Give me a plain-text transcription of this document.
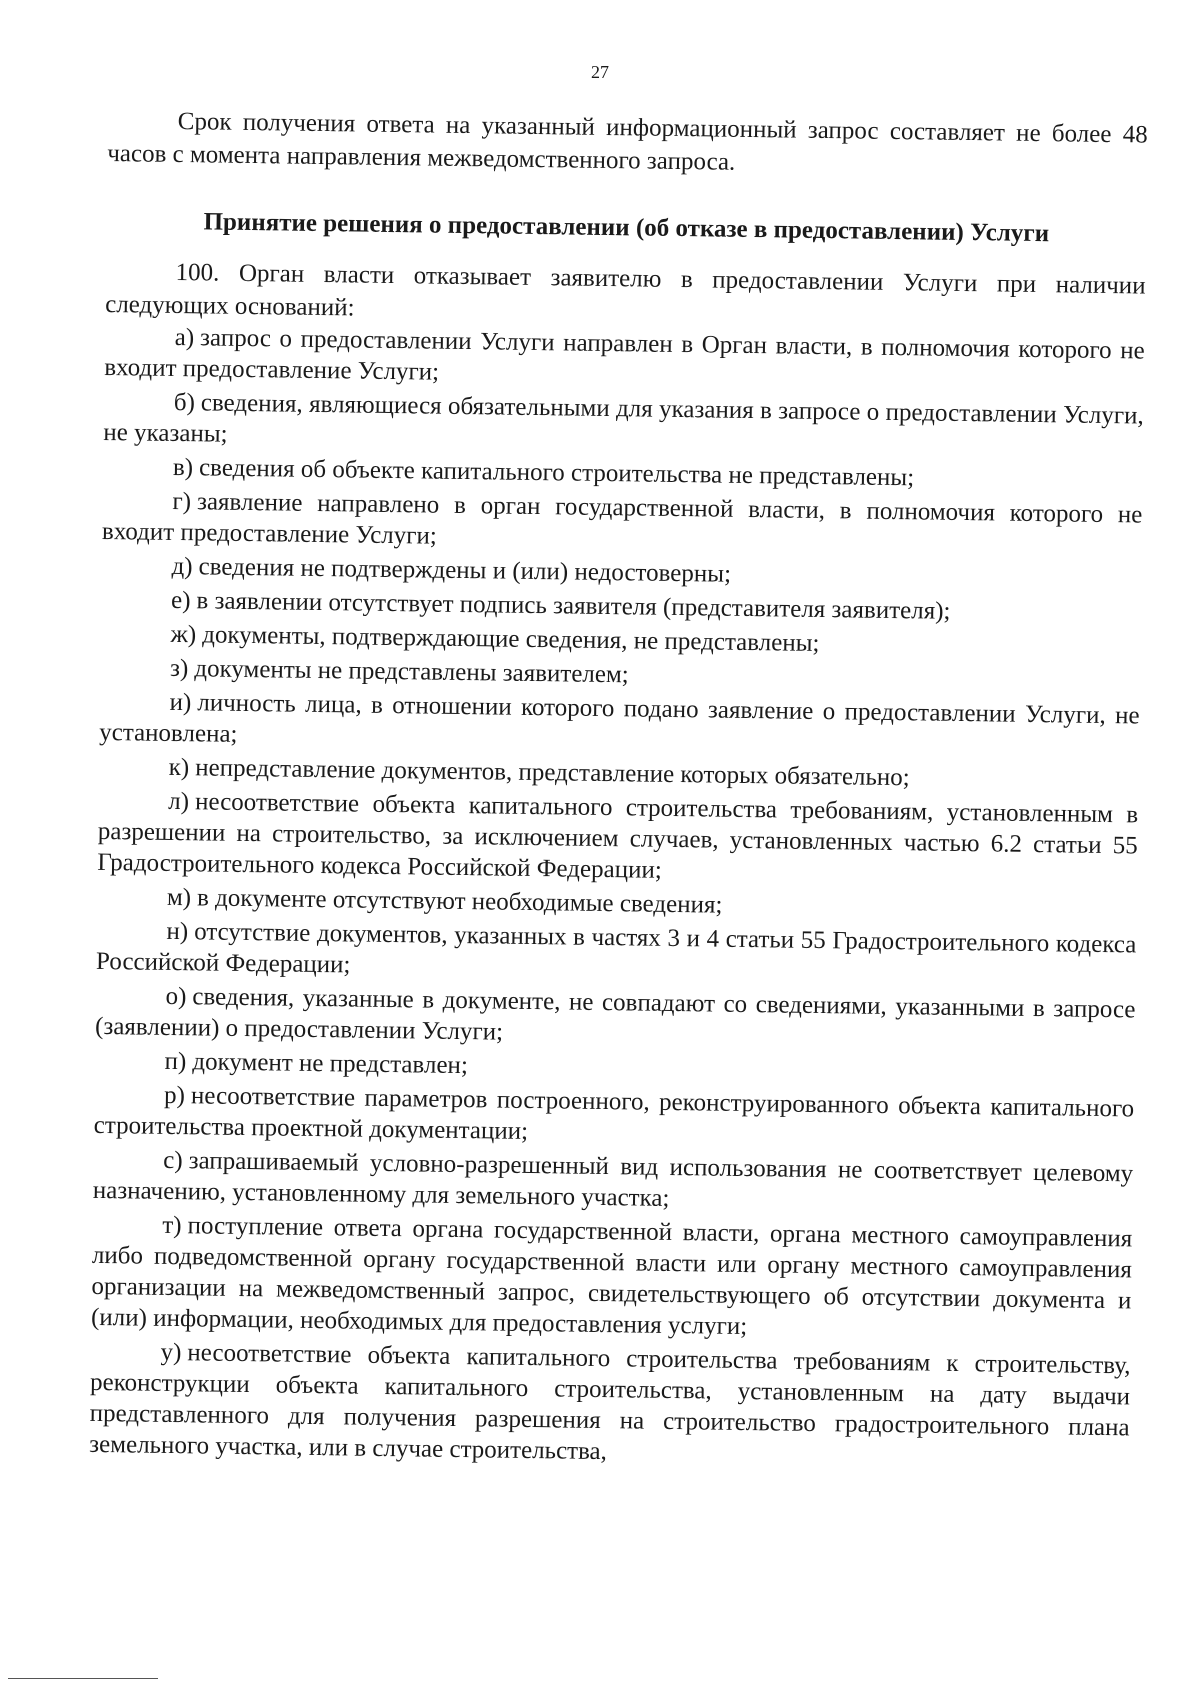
27

Срок получения ответа на указанный информационный запрос составляет не более 48 часов с момента направления межведомственного запроса.

Принятие решения о предоставлении (об отказе в предоставлении) Услуги

100. Орган власти отказывает заявителю в предоставлении Услуги при наличии следующих оснований:

а) запрос о предоставлении Услуги направлен в Орган власти, в полномочия которого не входит предоставление Услуги;
б) сведения, являющиеся обязательными для указания в запросе о предоставлении Услуги, не указаны;
в) сведения об объекте капитального строительства не представлены;
г) заявление направлено в орган государственной власти, в полномочия которого не входит предоставление Услуги;
д) сведения не подтверждены и (или) недостоверны;
е) в заявлении отсутствует подпись заявителя (представителя заявителя);
ж) документы, подтверждающие сведения, не представлены;
з) документы не представлены заявителем;
и) личность лица, в отношении которого подано заявление о предоставлении Услуги, не установлена;
к) непредставление документов, представление которых обязательно;
л) несоответствие объекта капитального строительства требованиям, установленным в разрешении на строительство, за исключением случаев, установленных частью 6.2 статьи 55 Градостроительного кодекса Российской Федерации;
м) в документе отсутствуют необходимые сведения;
н) отсутствие документов, указанных в частях 3 и 4 статьи 55 Градостроительного кодекса Российской Федерации;
о) сведения, указанные в документе, не совпадают со сведениями, указанными в запросе (заявлении) о предоставлении Услуги;
п) документ не представлен;
р) несоответствие параметров построенного, реконструированного объекта капитального строительства проектной документации;
с) запрашиваемый условно-разрешенный вид использования не соответствует целевому назначению, установленному для земельного участка;
т) поступление ответа органа государственной власти, органа местного самоуправления либо подведомственной органу государственной власти или органу местного самоуправления организации на межведомственный запрос, свидетельствующего об отсутствии документа и (или) информации, необходимых для предоставления услуги;
у) несоответствие объекта капитального строительства требованиям к строительству, реконструкции объекта капитального строительства, установленным на дату выдачи представленного для получения разрешения на строительство градостроительного плана земельного участка, или в случае строительства,
